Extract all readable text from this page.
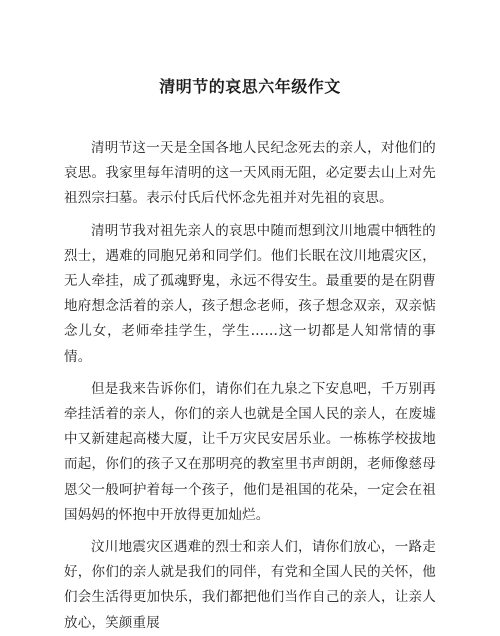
清明节的哀思六年级作文

清明节这一天是全国各地人民纪念死去的亲人，对他们的哀思。我家里每年清明的这一天风雨无阻，必定要去山上对先祖烈宗扫墓。表示付氏后代怀念先祖并对先祖的哀思。

清明节我对祖先亲人的哀思中随而想到汶川地震中牺牲的烈士，遇难的同胞兄弟和同学们。他们长眠在汶川地震灾区，无人牵挂，成了孤魂野鬼，永远不得安生。最重要的是在阴曹地府想念活着的亲人，孩子想念老师，孩子想念双亲，双亲惦念儿女，老师牵挂学生，学生……这一切都是人知常情的事情。

但是我来告诉你们，请你们在九泉之下安息吧，千万别再牵挂活着的亲人，你们的亲人也就是全国人民的亲人，在废墟中又新建起高楼大厦，让千万灾民安居乐业。一栋栋学校拔地而起，你们的孩子又在那明亮的教室里书声朗朗，老师像慈母恩父一般呵护着每一个孩子，他们是祖国的花朵，一定会在祖国妈妈的怀抱中开放得更加灿烂。

汶川地震灾区遇难的烈士和亲人们，请你们放心，一路走好，你们的亲人就是我们的同伴，有党和全国人民的关怀，他们会生活得更加快乐，我们都把他们当作自己的亲人，让亲人放心，笑颜重展
